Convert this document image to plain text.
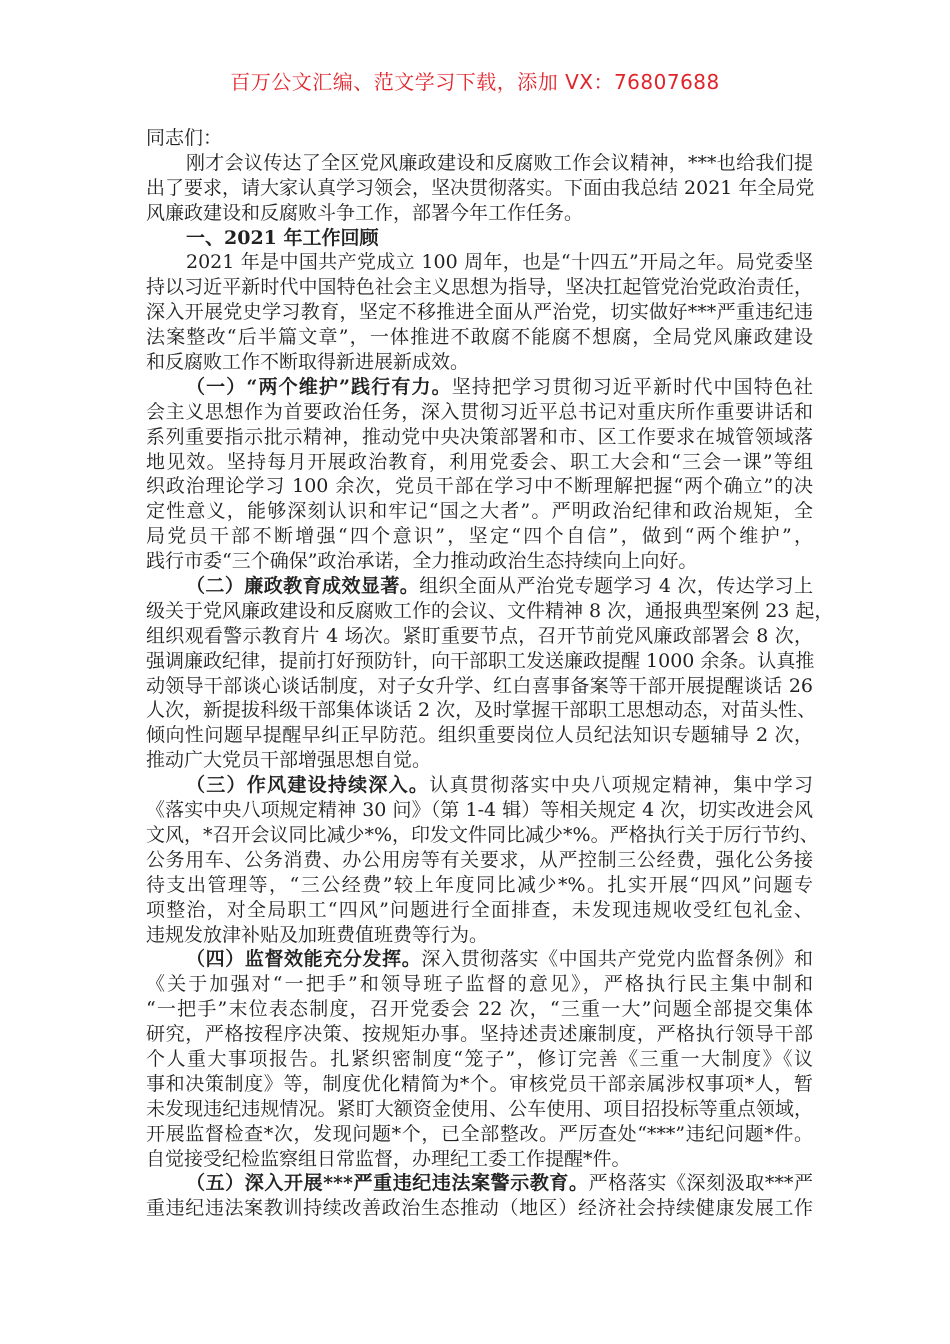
百万公文汇编、范文学习下载，添加 VX：76807688
同志们：
刚才会议传达了全区党风廉政建设和反腐败工作会议精神，***也给我们提
出了要求，请大家认真学习领会，坚决贯彻落实。下面由我总结 2021 年全局党
风廉政建设和反腐败斗争工作，部署今年工作任务。
一、2021 年工作回顾
2021 年是中国共产党成立 100 周年，也是“十四五”开局之年。局党委坚
持以习近平新时代中国特色社会主义思想为指导，坚决扛起管党治党政治责任，
深入开展党史学习教育，坚定不移推进全面从严治党，切实做好***严重违纪违
法案整改“后半篇文章”，一体推进不敢腐不能腐不想腐，全局党风廉政建设
和反腐败工作不断取得新进展新成效。
（一）“两个维护”践行有力。坚持把学习贯彻习近平新时代中国特色社
会主义思想作为首要政治任务，深入贯彻习近平总书记对重庆所作重要讲话和
系列重要指示批示精神，推动党中央决策部署和市、区工作要求在城管领域落
地见效。坚持每月开展政治教育，利用党委会、职工大会和“三会一课”等组
织政治理论学习 100 余次，党员干部在学习中不断理解把握“两个确立”的决
定性意义，能够深刻认识和牢记“国之大者”。严明政治纪律和政治规矩，全
局党员干部不断增强“四个意识”，坚定“四个自信”，做到“两个维护”，
践行市委“三个确保”政治承诺，全力推动政治生态持续向上向好。
（二）廉政教育成效显著。组织全面从严治党专题学习 4 次，传达学习上
级关于党风廉政建设和反腐败工作的会议、文件精神 8 次，通报典型案例 23 起，
组织观看警示教育片 4 场次。紧盯重要节点，召开节前党风廉政部署会 8 次，
强调廉政纪律，提前打好预防针，向干部职工发送廉政提醒 1000 余条。认真推
动领导干部谈心谈话制度，对子女升学、红白喜事备案等干部开展提醒谈话 26
人次，新提拔科级干部集体谈话 2 次，及时掌握干部职工思想动态，对苗头性、
倾向性问题早提醒早纠正早防范。组织重要岗位人员纪法知识专题辅导 2 次，
推动广大党员干部增强思想自觉。
（三）作风建设持续深入。认真贯彻落实中央八项规定精神，集中学习
《落实中央八项规定精神 30 问》（第 1-4 辑）等相关规定 4 次，切实改进会风
文风，*召开会议同比减少*%，印发文件同比减少*%。严格执行关于厉行节约、
公务用车、公务消费、办公用房等有关要求，从严控制三公经费，强化公务接
待支出管理等，“三公经费”较上年度同比减少*%。扎实开展“四风”问题专
项整治，对全局职工“四风”问题进行全面排查，未发现违规收受红包礼金、
违规发放津补贴及加班费值班费等行为。
（四）监督效能充分发挥。深入贯彻落实《中国共产党党内监督条例》和
《关于加强对“一把手”和领导班子监督的意见》，严格执行民主集中制和
“一把手”末位表态制度，召开党委会 22 次，“三重一大”问题全部提交集体
研究，严格按程序决策、按规矩办事。坚持述责述廉制度，严格执行领导干部
个人重大事项报告。扎紧织密制度“笼子”，修订完善《三重一大制度》《议
事和决策制度》等，制度优化精简为*个。审核党员干部亲属涉权事项*人，暂
未发现违纪违规情况。紧盯大额资金使用、公车使用、项目招投标等重点领域，
开展监督检查*次，发现问题*个，已全部整改。严厉查处“***”违纪问题*件。
自觉接受纪检监察组日常监督，办理纪工委工作提醒*件。
（五）深入开展***严重违纪违法案警示教育。严格落实《深刻汲取***严
重违纪违法案教训持续改善政治生态推动（地区）经济社会持续健康发展工作
